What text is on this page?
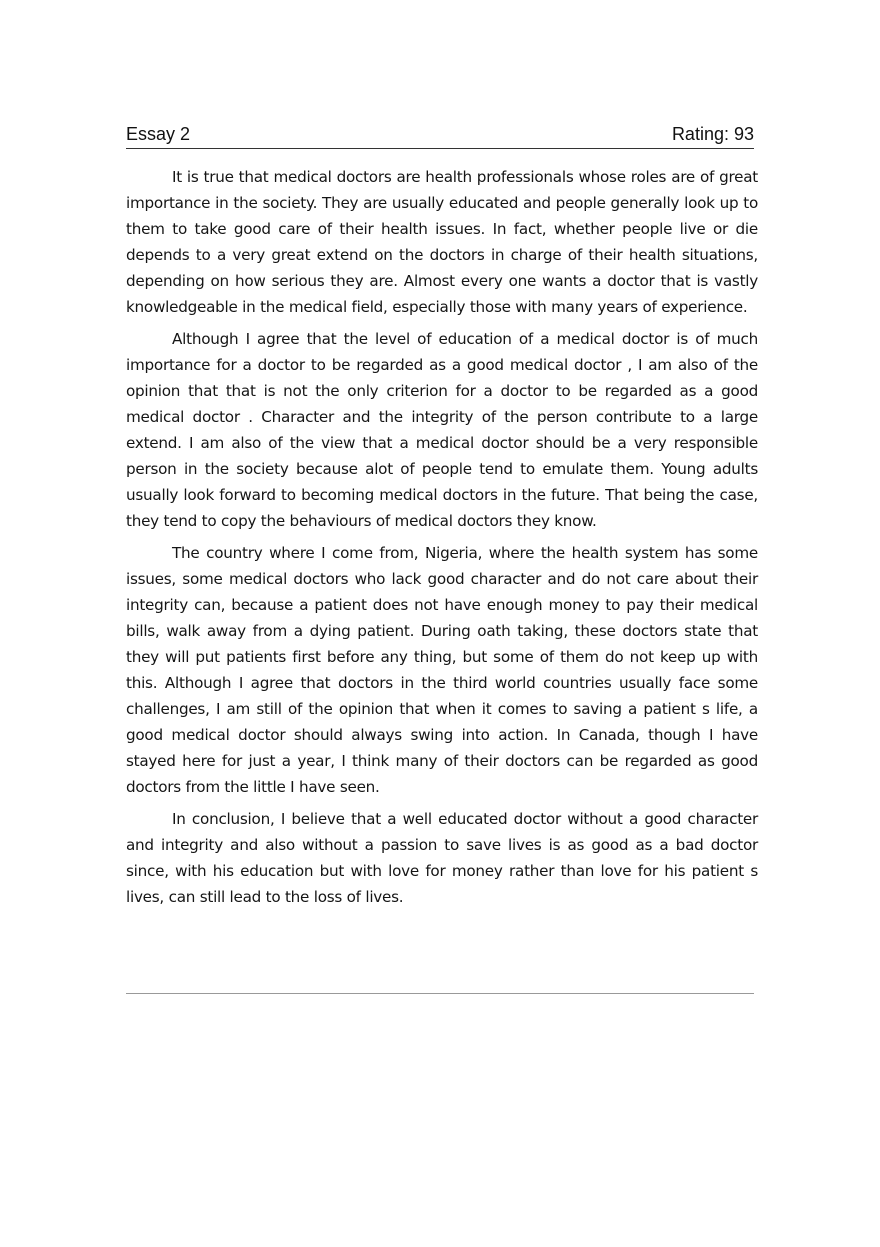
Essay 2	Rating: 93

It is true that medical doctors are health professionals whose roles are of great importance in the society. They are usually educated and people generally look up to them to take good care of their health issues. In fact, whether people live or die depends to a very great extend on the doctors in charge of their health situations, depending on how serious they are. Almost every one wants a doctor that is vastly knowledgeable in the medical field, especially those with many years of experience.

Although I agree that the level of education of a medical doctor is of much importance for a doctor to be regarded as a good medical doctor , I am also of the opinion that that is not the only criterion for a doctor to be regarded as a good medical doctor . Character and the integrity of the person contribute to a large extend. I am also of the view that a medical doctor should be a very responsible person in the society because alot of people tend to emulate them. Young adults usually look forward to becoming medical doctors in the future. That being the case, they tend to copy the behaviours of medical doctors they know.

The country where I come from, Nigeria, where the health system has some issues, some medical doctors who lack good character and do not care about their integrity can, because a patient does not have enough money to pay their medical bills, walk away from a dying patient. During oath taking, these doctors state that they will put patients first before any thing, but some of them do not keep up with this. Although I agree that doctors in the third world countries usually face some challenges, I am still of the opinion that when it comes to saving a patient s life, a good medical doctor should always swing into action. In Canada, though I have stayed here for just a year, I think many of their doctors can be regarded as good doctors from the little I have seen.

In conclusion, I believe that a well educated doctor without a good character and integrity and also without a passion to save lives is as good as a bad doctor since, with his education but with love for money rather than love for his patient s lives, can still lead to the loss of lives.
